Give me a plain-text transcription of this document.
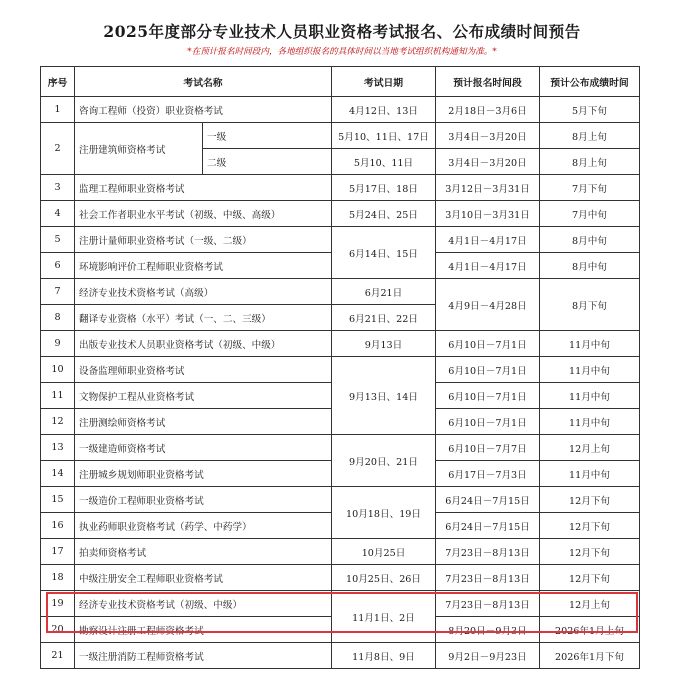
2025年度部分专业技术人员职业资格考试报名、公布成绩时间预告
*在预计报名时间段内，各地组织报名的具体时间以当地考试组织机构通知为准。*
序号	考试名称		考试日期	预计报名时间段	预计公布成绩时间
1	咨询工程师（投资）职业资格考试		4月12日、13日	2月18日－3月6日	5月下旬
2	注册建筑师资格考试	一级	5月10、11日、17日	3月4日－3月20日	8月上旬
		二级	5月10、11日	3月4日－3月20日	8月上旬
3	监理工程师职业资格考试		5月17日、18日	3月12日－3月31日	7月下旬
4	社会工作者职业水平考试（初级、中级、高级）		5月24日、25日	3月10日－3月31日	7月中旬
5	注册计量师职业资格考试（一级、二级）		6月14日、15日	4月1日－4月17日	8月中旬
6	环境影响评价工程师职业资格考试			4月1日－4月17日	8月中旬
7	经济专业技术资格考试（高级）		6月21日	4月9日－4月28日	8月下旬
8	翻译专业资格（水平）考试（一、二、三级）		6月21日、22日		
9	出版专业技术人员职业资格考试（初级、中级）		9月13日	6月10日－7月1日	11月中旬
10	设备监理师职业资格考试		9月13日、14日	6月10日－7月1日	11月中旬
11	文物保护工程从业资格考试			6月10日－7月1日	11月中旬
12	注册测绘师资格考试			6月10日－7月1日	11月中旬
13	一级建造师资格考试		9月20日、21日	6月10日－7月7日	12月上旬
14	注册城乡规划师职业资格考试			6月17日－7月3日	11月中旬
15	一级造价工程师职业资格考试		10月18日、19日	6月24日－7月15日	12月下旬
16	执业药师职业资格考试（药学、中药学）			6月24日－7月15日	12月下旬
17	拍卖师资格考试		10月25日	7月23日－8月13日	12月下旬
18	中级注册安全工程师职业资格考试		10月25日、26日	7月23日－8月13日	12月下旬
19	经济专业技术资格考试（初级、中级）		11月1日、2日	7月23日－8月13日	12月上旬
20	勘察设计注册工程师资格考试			8月20日－9月3日	2026年1月上旬
21	一级注册消防工程师资格考试		11月8日、9日	9月2日－9月23日	2026年1月下旬
